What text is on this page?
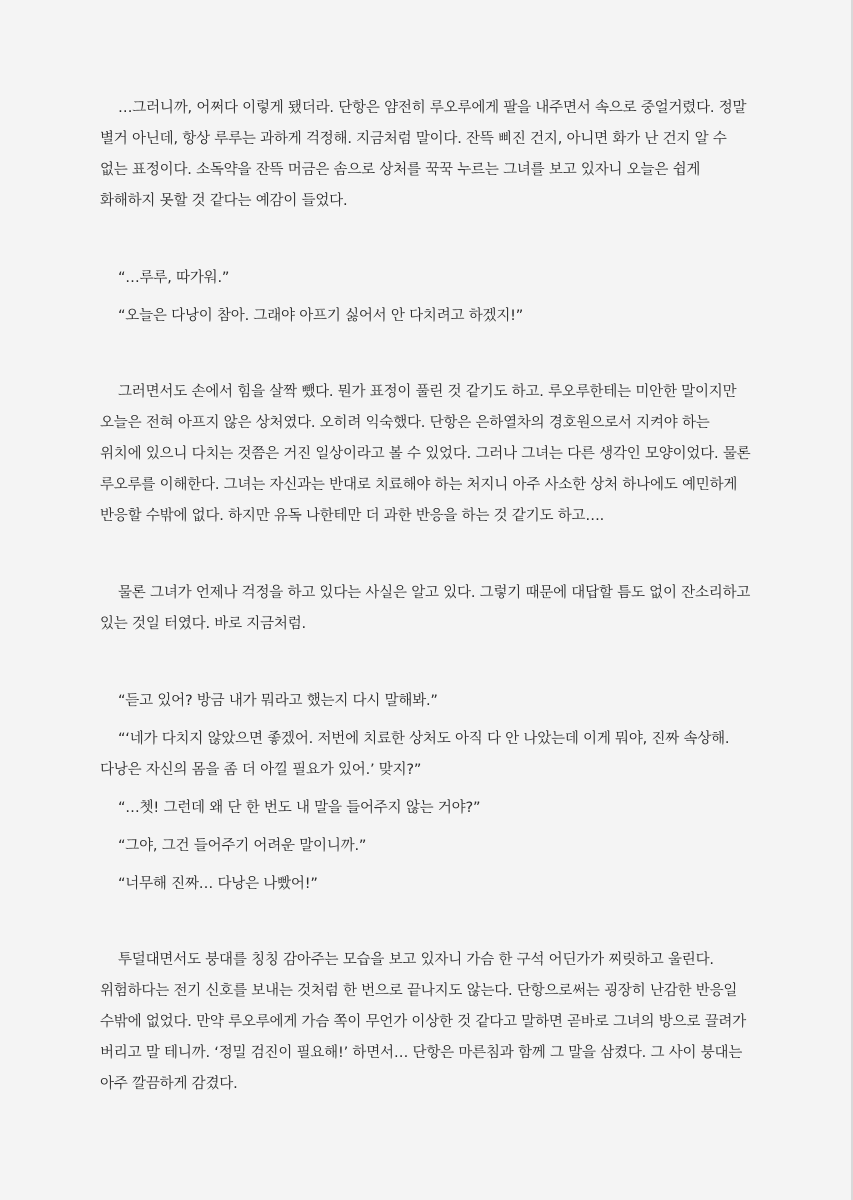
…그러니까, 어쩌다 이렇게 됐더라. 단항은 얌전히 루오루에게 팔을 내주면서 속으로 중얼거렸다. 정말 별거 아닌데, 항상 루루는 과하게 걱정해. 지금처럼 말이다. 잔뜩 삐진 건지, 아니면 화가 난 건지 알 수 없는 표정이다. 소독약을 잔뜩 머금은 솜으로 상처를 꾹꾹 누르는 그녀를 보고 있자니 오늘은 쉽게 화해하지 못할 것 같다는 예감이 들었다.

“…루루, 따가워.”

“오늘은 다낭이 참아. 그래야 아프기 싫어서 안 다치려고 하겠지!”

그러면서도 손에서 힘을 살짝 뺐다. 뭔가 표정이 풀린 것 같기도 하고. 루오루한테는 미안한 말이지만 오늘은 전혀 아프지 않은 상처였다. 오히려 익숙했다. 단항은 은하열차의 경호원으로서 지켜야 하는 위치에 있으니 다치는 것쯤은 거진 일상이라고 볼 수 있었다. 그러나 그녀는 다른 생각인 모양이었다. 물론 루오루를 이해한다. 그녀는 자신과는 반대로 치료해야 하는 처지니 아주 사소한 상처 하나에도 예민하게 반응할 수밖에 없다. 하지만 유독 나한테만 더 과한 반응을 하는 것 같기도 하고….

물론 그녀가 언제나 걱정을 하고 있다는 사실은 알고 있다. 그렇기 때문에 대답할 틈도 없이 잔소리하고 있는 것일 터였다. 바로 지금처럼.

“듣고 있어? 방금 내가 뭐라고 했는지 다시 말해봐.”

“‘네가 다치지 않았으면 좋겠어. 저번에 치료한 상처도 아직 다 안 나았는데 이게 뭐야, 진짜 속상해. 다낭은 자신의 몸을 좀 더 아낄 필요가 있어.’ 맞지?”

“…쳇! 그런데 왜 단 한 번도 내 말을 들어주지 않는 거야?”

“그야, 그건 들어주기 어려운 말이니까.”

“너무해 진짜… 다낭은 나빴어!”

투덜대면서도 붕대를 칭칭 감아주는 모습을 보고 있자니 가슴 한 구석 어딘가가 찌릿하고 울린다. 위험하다는 전기 신호를 보내는 것처럼 한 번으로 끝나지도 않는다. 단항으로써는 굉장히 난감한 반응일 수밖에 없었다. 만약 루오루에게 가슴 쪽이 무언가 이상한 것 같다고 말하면 곧바로 그녀의 방으로 끌려가 버리고 말 테니까. ‘정밀 검진이 필요해!’ 하면서… 단항은 마른침과 함께 그 말을 삼켰다. 그 사이 붕대는 아주 깔끔하게 감겼다.
